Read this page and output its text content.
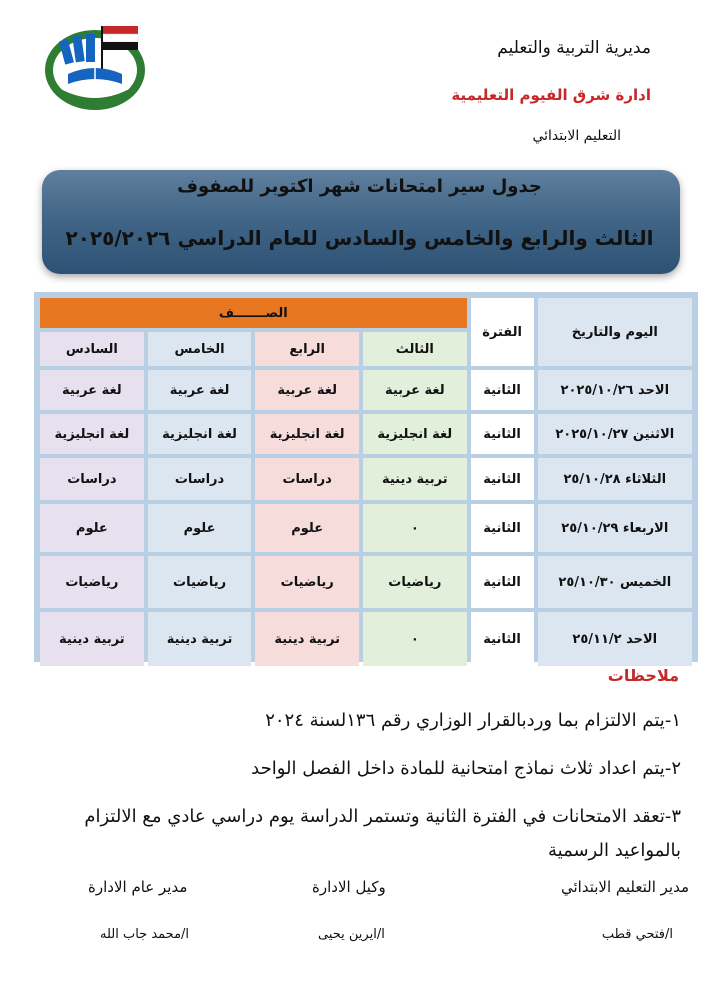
مديرية التربية والتعليم
ادارة شرق الفيوم التعليمية
التعليم الابتدائي
جدول سير امتحانات شهر اكتوبر للصفوف
الثالث والرابع والخامس والسادس للعام الدراسي ٢٠٢٥/٢٠٢٦
اليوم والتاريخ	الفترة	الصـــــــف			
		الثالث	الرابع	الخامس	السادس
الاحد ٢٠٢٥/١٠/٢٦	الثانية	لغة عربية	لغة عربية	لغة عربية	لغة عربية
الاثنين ٢٠٢٥/١٠/٢٧	الثانية	لغة انجليزية	لغة انجليزية	لغة انجليزية	لغة انجليزية
الثلاثاء ٢٥/١٠/٢٨	الثانية	تربية دينية	دراسات	دراسات	دراسات
الاربعاء ٢٥/١٠/٢٩	الثانية	٠	علوم	علوم	علوم
الخميس ٢٥/١٠/٣٠	الثانية	رياضيات	رياضيات	رياضيات	رياضيات
الاحد ٢٥/١١/٢	الثانية	٠	تربية دينية	تربية دينية	تربية دينية
ملاحظات
١-يتم الالتزام بما وردبالقرار الوزاري رقم ١٣٦لسنة ٢٠٢٤
٢-يتم اعداد ثلاث نماذج امتحانية للمادة داخل الفصل الواحد
٣-تعقد الامتحانات في الفترة الثانية وتستمر الدراسة يوم دراسي عادي مع الالتزام بالمواعيد الرسمية
مدير التعليم الابتدائي
وكيل الادارة
مدير عام الادارة
ا/فتحي قطب
ا/ايرين يحيى
ا/محمد جاب الله
